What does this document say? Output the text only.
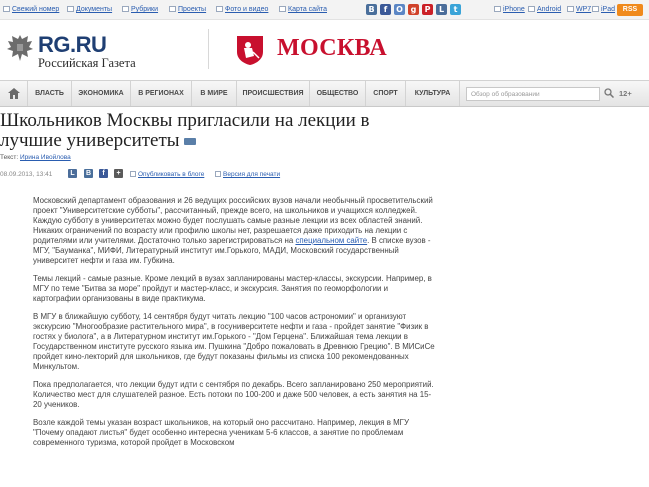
Свежий номер	Документы	Рубрики	Проекты	Фото и видео	Карта сайта	В	f	O g	P	L	t	iPhone	Android	WP7	iPad	RSS
RG.RU
Российская Газета
МОСКВА
ВЛАСТЬ	ЭКОНОМИКА	В РЕГИОНАХ	В МИРЕ	ПРОИСШЕСТВИЯ	ОБЩЕСТВО	СПОРТ	КУЛЬТУРА	Обзор об образовании	12+
Школьников Москвы пригласили на лекции в лучшие университеты
Текст: Ирина Ивойлова
08.09.2013, 13:41	L	В	f	+	Опубликовать в блоге	Версия для печати

Московский департамент образования и 26 ведущих российских вузов начали необычный просветительский проект "Университетские субботы", рассчитанный, прежде всего, на школьников и учащихся колледжей. Каждую субботу в университетах можно будет послушать самые разные лекции из всех областей знаний. Никаких ограничений по возрасту или профилю школы нет, разрешается даже приходить на лекции с родителями или учителями. Достаточно только зарегистрироваться на специальном сайте. В списке вузов - МГУ, "Бауманка", МИФИ, Литературный институт им.Горького, МАДИ, Московский государственный университет нефти и газа им. Губкина.

Темы лекций - самые разные. Кроме лекций в вузах запланированы мастер-классы, экскурсии. Например, в МГУ по теме "Битва за море" пройдут и мастер-класс, и экскурсия. Занятия по геоморфологии и картографии организованы в виде практикума.

В МГУ в ближайшую субботу, 14 сентября будут читать лекцию "100 часов астрономии" и организуют экскурсию "Многообразие растительного мира", в госуниверситете нефти и газа - пройдет занятие "Физик в гостях у биолога", а в Литературном институт им.Горького - "Дом Герцена". Ближайшая тема лекции в Государственном институте русского языка им. Пушкина "Добро пожаловать в Древнюю Грецию". В МИСиСе пройдет кино-лекторий для школьников, где будут показаны фильмы из списка 100 рекомендованных Минкультом.

Пока предполагается, что лекции будут идти с сентября по декабрь. Всего запланировано 250 мероприятий. Количество мест для слушателей разное. Есть потоки по 100-200 и даже 500 человек, а есть занятия на 15-20 учеников.

Возле каждой темы указан возраст школьников, на который оно рассчитано. Например, лекция в МГУ "Почему опадают листья" будет особенно интересна ученикам 5-6 классов, а занятие по проблемам современного туризма, которой пройдет в Московском
